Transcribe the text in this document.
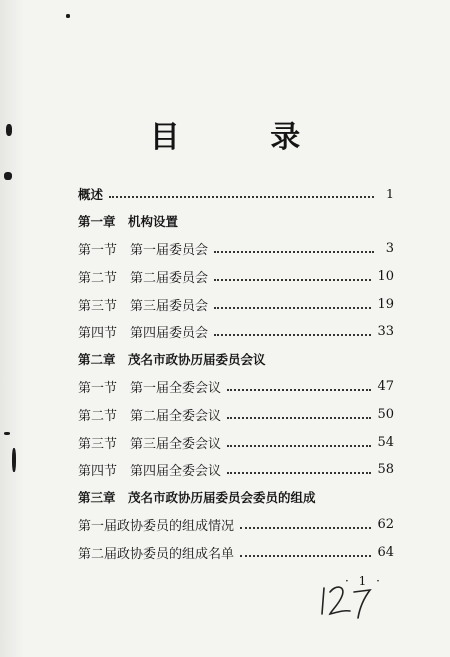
目 录
概述	1
第一章　机构设置
第一节 第一届委员会	3
第二节 第二届委员会	10
第三节 第三届委员会	19
第四节 第四届委员会	33
第二章　茂名市政协历届委员会议
第一节 第一届全委会议	47
第二节 第二届全委会议	50
第三节 第三届全委会议	54
第四节 第四届全委会议	58
第三章　茂名市政协历届委员会委员的组成
第一届政协委员的组成情况	62
第二届政协委员的组成名单	64
· 1 ·
